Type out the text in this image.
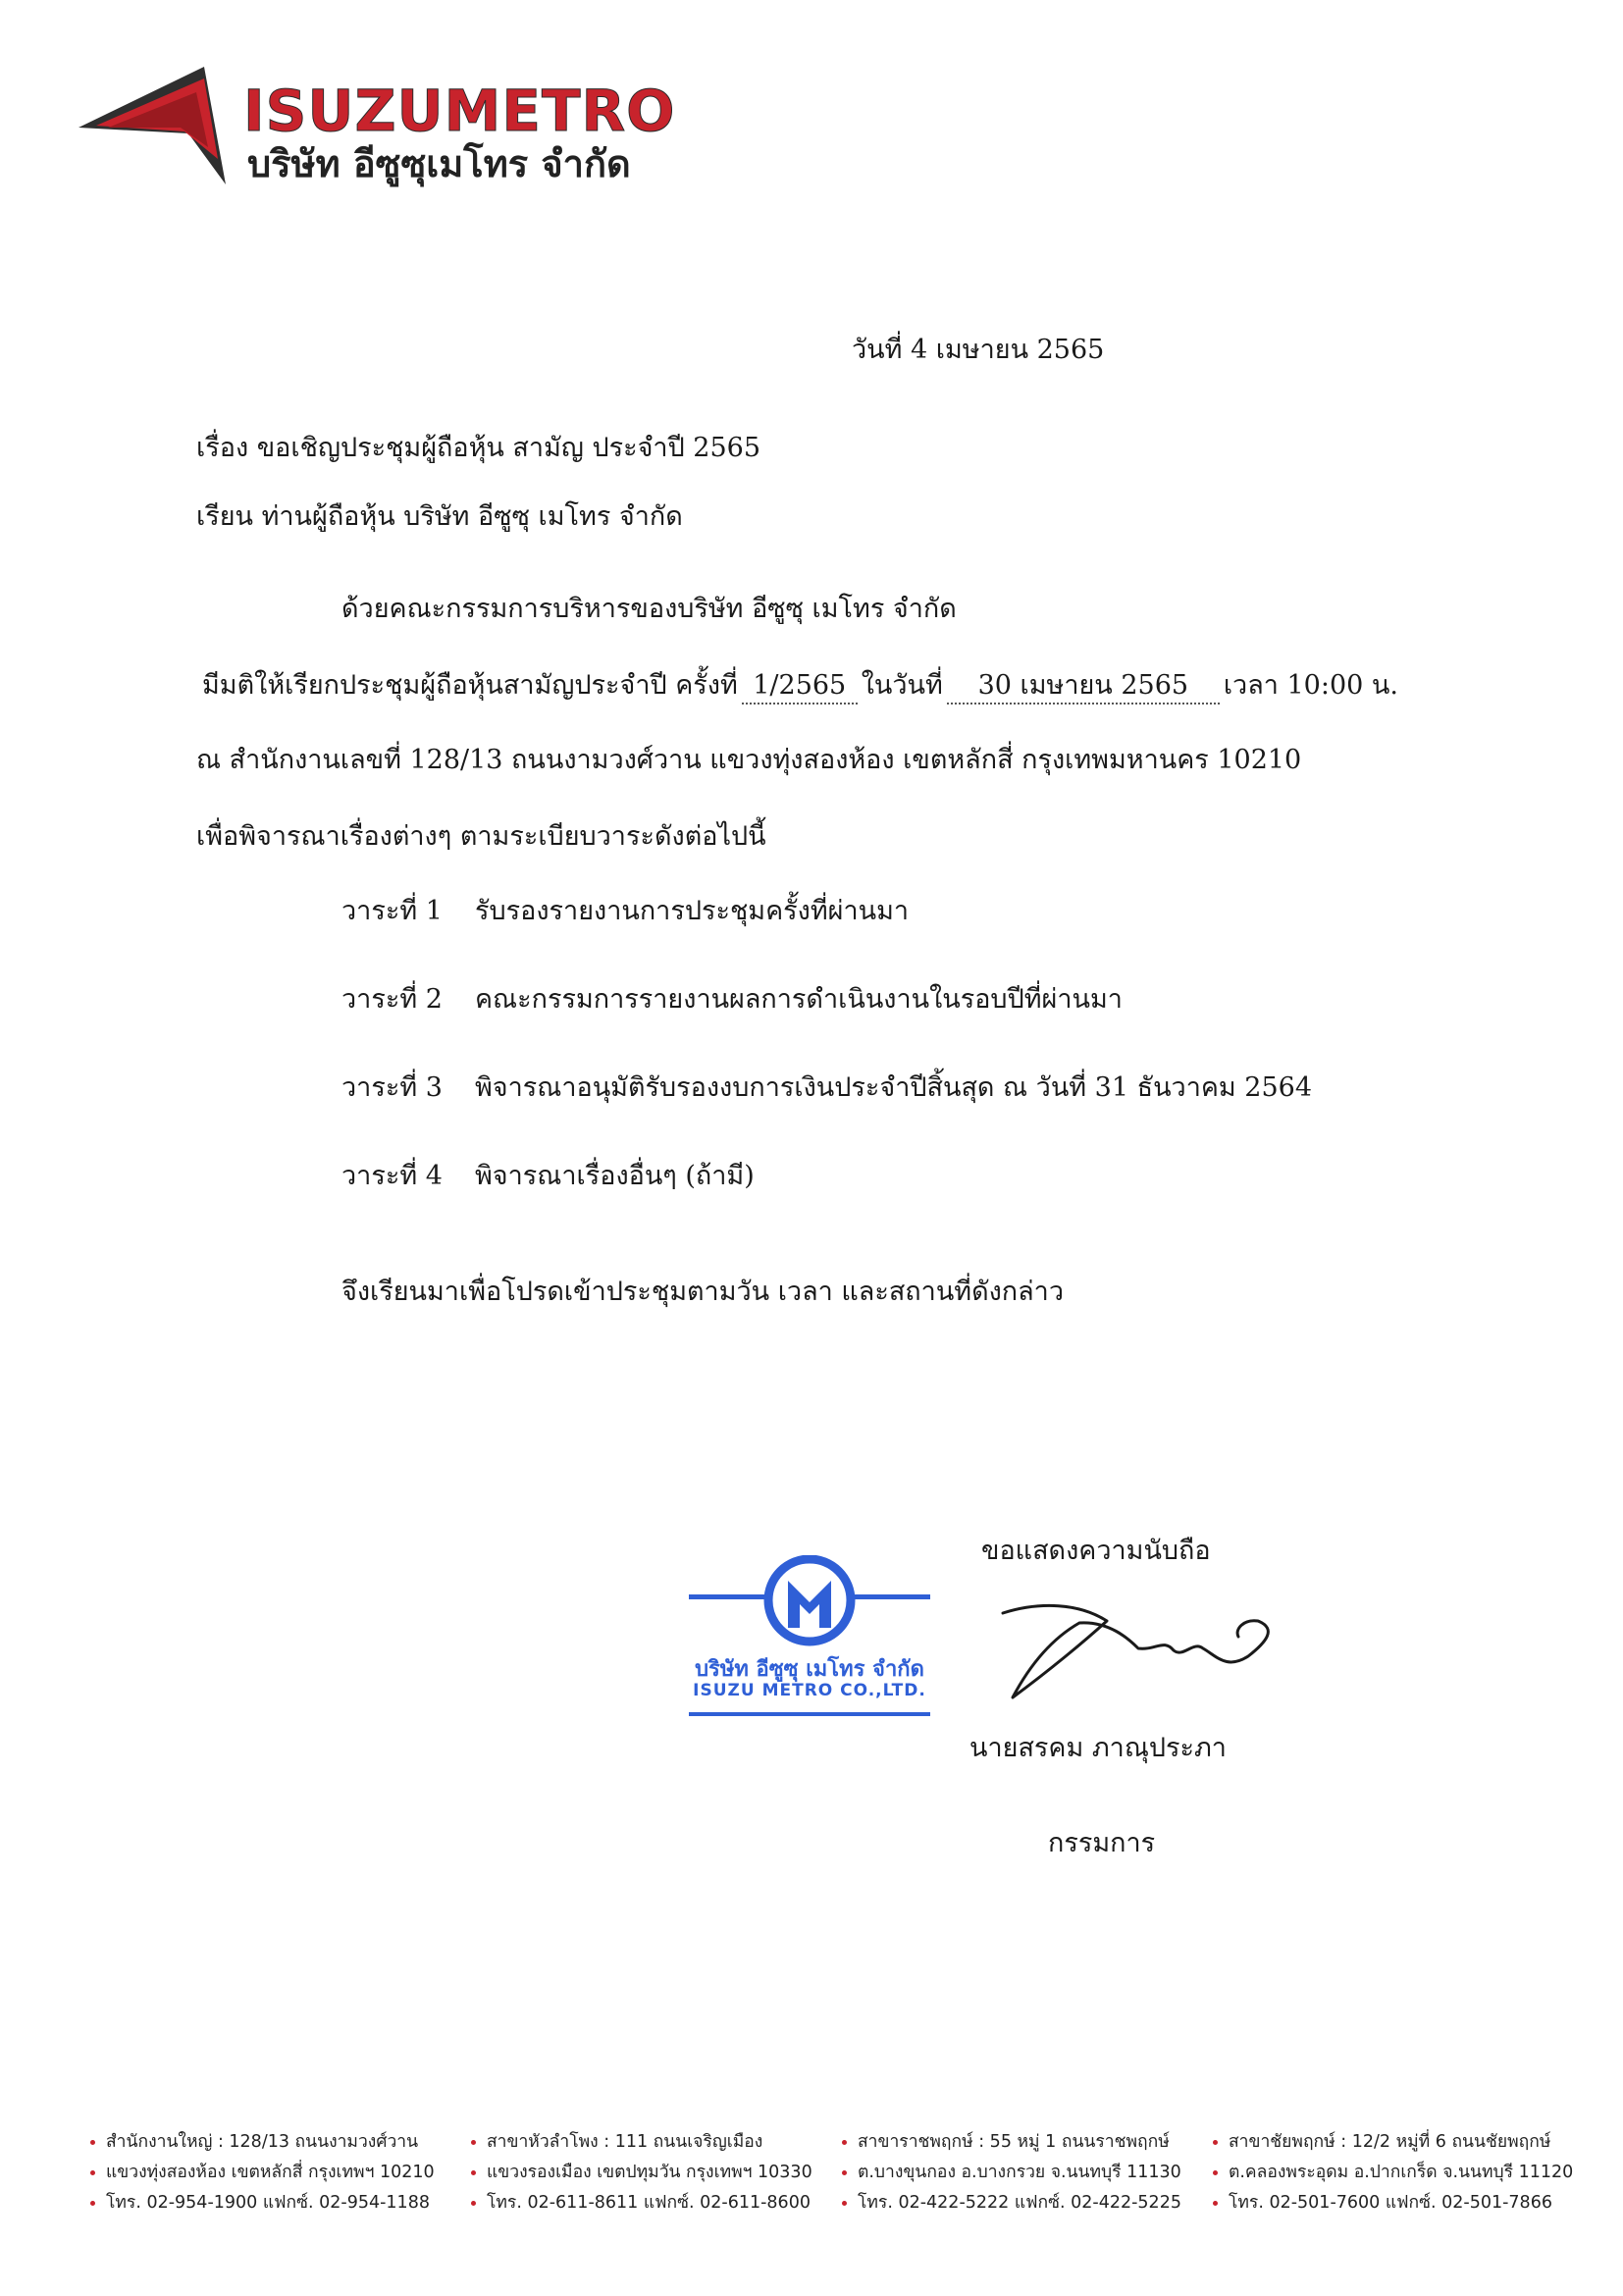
ISUZUMETRO
บริษัท อีซูซุเมโทร จำกัด
วันที่ 4 เมษายน 2565
เรื่อง ขอเชิญประชุมผู้ถือหุ้น สามัญ ประจำปี 2565
เรียน ท่านผู้ถือหุ้น บริษัท อีซูซุ เมโทร จำกัด
ด้วยคณะกรรมการบริหารของบริษัท อีซูซุ เมโทร จำกัด
มีมติให้เรียกประชุมผู้ถือหุ้นสามัญประจำปี ครั้งที่ 1/2565 ในวันที่ 30 เมษายน 2565 เวลา 10:00 น.
ณ สำนักงานเลขที่ 128/13 ถนนงามวงศ์วาน แขวงทุ่งสองห้อง เขตหลักสี่ กรุงเทพมหานคร 10210
เพื่อพิจารณาเรื่องต่างๆ ตามระเบียบวาระดังต่อไปนี้
วาระที่ 1 รับรองรายงานการประชุมครั้งที่ผ่านมา
วาระที่ 2 คณะกรรมการรายงานผลการดำเนินงานในรอบปีที่ผ่านมา
วาระที่ 3 พิจารณาอนุมัติรับรองงบการเงินประจำปีสิ้นสุด ณ วันที่ 31 ธันวาคม 2564
วาระที่ 4 พิจารณาเรื่องอื่นๆ (ถ้ามี)
จึงเรียนมาเพื่อโปรดเข้าประชุมตามวัน เวลา และสถานที่ดังกล่าว
ขอแสดงความนับถือ
บริษัท อีซูซุ เมโทร จำกัด
ISUZU METRO CO.,LTD.
นายสรคม ภาณุประภา
กรรมการ
สำนักงานใหญ่ : 128/13 ถนนงามวงศ์วาน
แขวงทุ่งสองห้อง เขตหลักสี่ กรุงเทพฯ 10210
โทร. 02-954-1900 แฟกซ์. 02-954-1188
สาขาหัวลำโพง : 111 ถนนเจริญเมือง
แขวงรองเมือง เขตปทุมวัน กรุงเทพฯ 10330
โทร. 02-611-8611 แฟกซ์. 02-611-8600
สาขาราชพฤกษ์ : 55 หมู่ 1 ถนนราชพฤกษ์
ต.บางขุนกอง อ.บางกรวย จ.นนทบุรี 11130
โทร. 02-422-5222 แฟกซ์. 02-422-5225
สาขาชัยพฤกษ์ : 12/2 หมู่ที่ 6 ถนนชัยพฤกษ์
ต.คลองพระอุดม อ.ปากเกร็ด จ.นนทบุรี 11120
โทร. 02-501-7600 แฟกซ์. 02-501-7866
